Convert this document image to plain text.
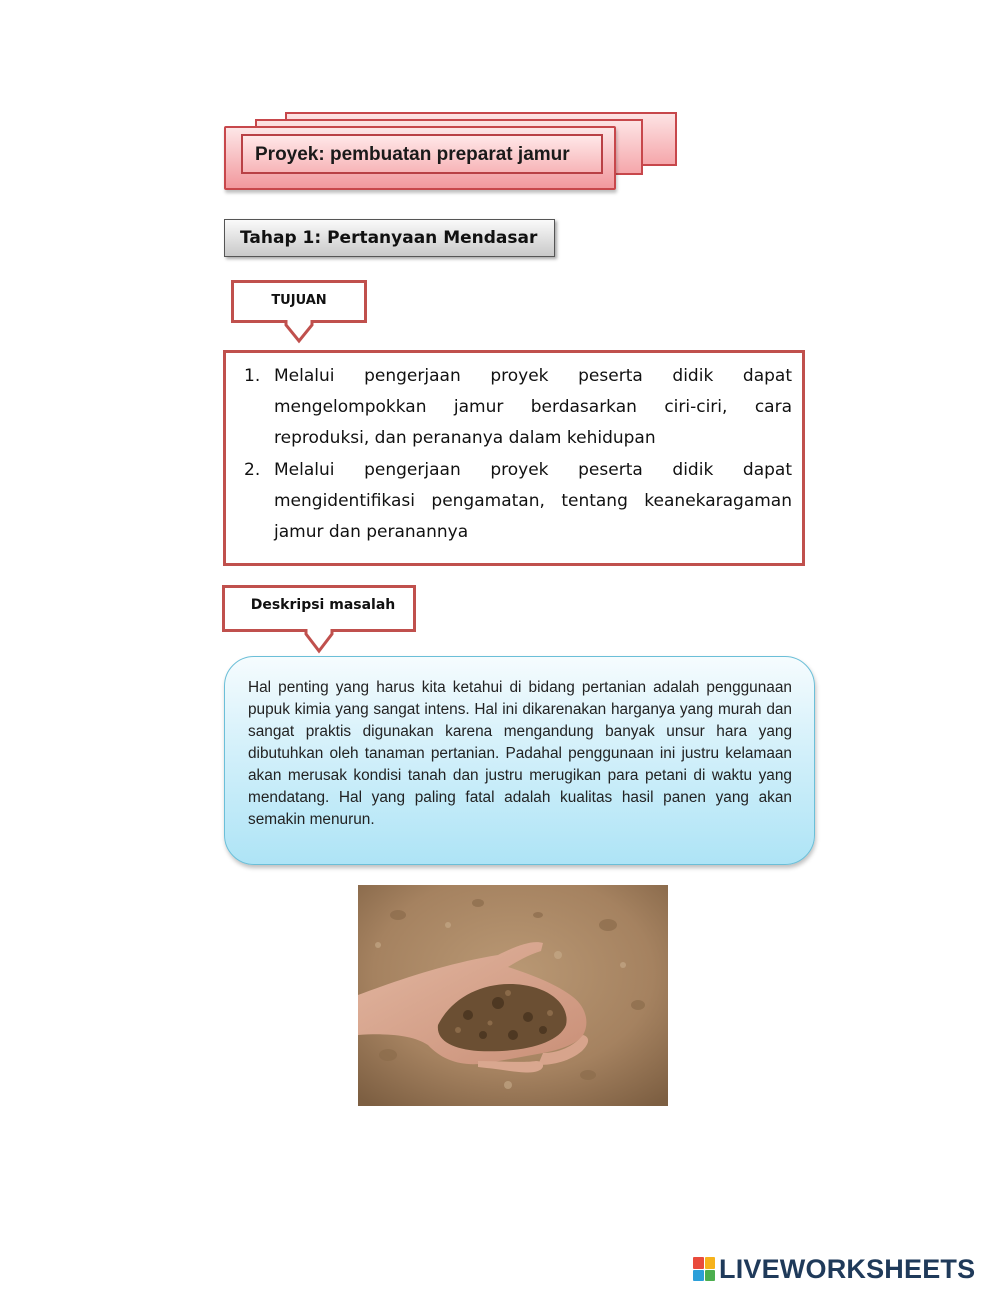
Proyek: pembuatan preparat jamur
Tahap 1: Pertanyaan Mendasar
TUJUAN
1. Melalui pengerjaan proyek peserta didik dapat mengelompokkan jamur berdasarkan ciri-ciri, cara reproduksi, dan perananya dalam kehidupan
2. Melalui pengerjaan proyek peserta didik dapat mengidentifikasi pengamatan, tentang keanekaragaman jamur dan peranannya
Deskripsi masalah

Hal penting yang harus kita ketahui di bidang pertanian adalah penggunaan pupuk kimia yang sangat intens. Hal ini dikarenakan harganya yang murah dan sangat praktis digunakan karena mengandung banyak unsur hara yang dibutuhkan oleh tanaman pertanian. Padahal penggunaan ini justru kelamaan akan merusak kondisi tanah dan justru merugikan para petani di waktu yang mendatang. Hal yang paling fatal adalah kualitas hasil panen yang akan semakin menurun.

LIVEWORKSHEETS
